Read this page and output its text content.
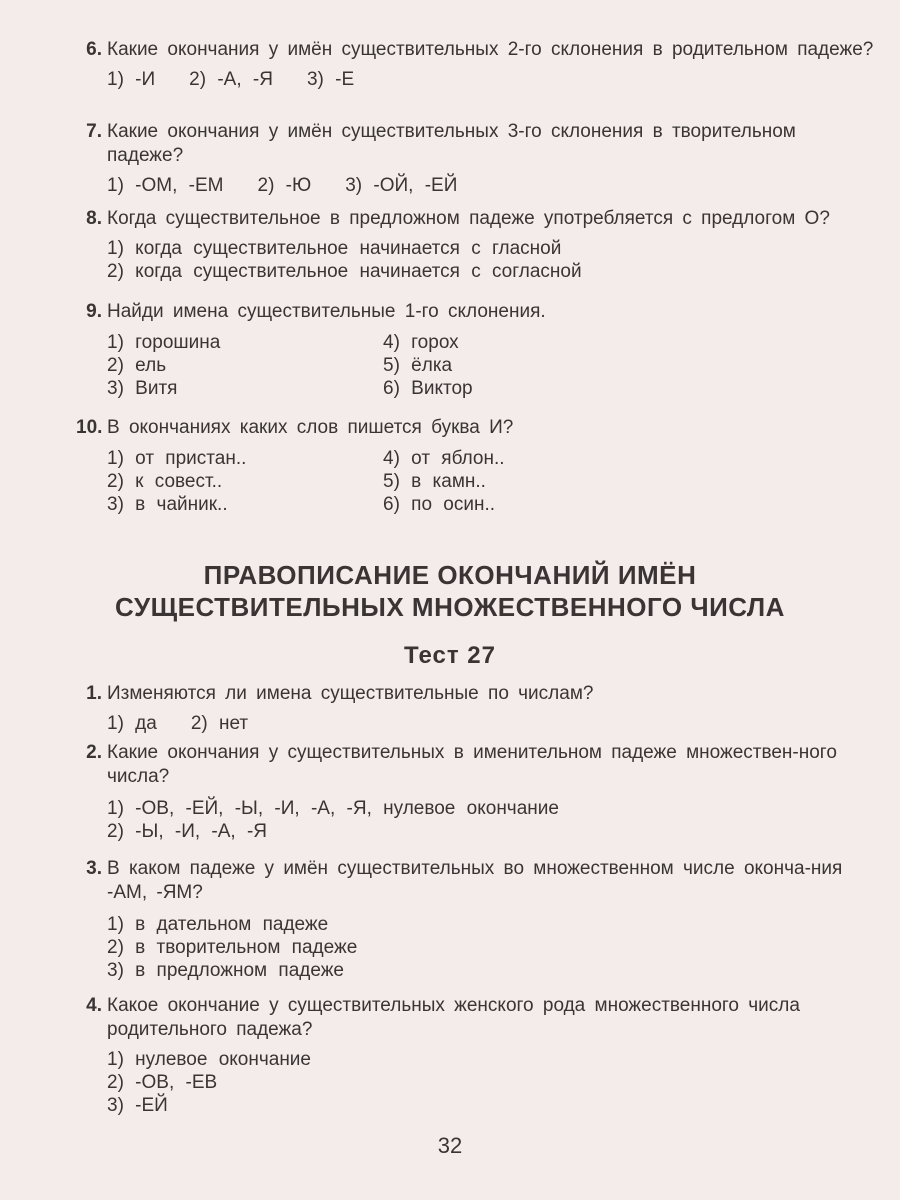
6. Какие окончания у имён существительных 2-го склонения в родительном падеже?
1) -И 2) -А, -Я 3) -Е
7. Какие окончания у имён существительных 3-го склонения в творительном падеже?
1) -ОМ, -ЕМ 2) -Ю 3) -ОЙ, -ЕЙ
8. Когда существительное в предложном падеже употребляется с предлогом О?
1) когда существительное начинается с гласной
2) когда существительное начинается с согласной
9. Найди имена существительные 1-го склонения.
1) горошина	4) горох
2) ель	5) ёлка
3) Витя	6) Виктор
10. В окончаниях каких слов пишется буква И?
1) от пристан..	4) от яблон..
2) к совест..	5) в камн..
3) в чайник..	6) по осин..
ПРАВОПИСАНИЕ ОКОНЧАНИЙ ИМЁН
СУЩЕСТВИТЕЛЬНЫХ МНОЖЕСТВЕННОГО ЧИСЛА
Тест 27
1. Изменяются ли имена существительные по числам?
1) да 2) нет
2. Какие окончания у существительных в именительном падеже множествен-ного числа?
1) -ОВ, -ЕЙ, -Ы, -И, -А, -Я, нулевое окончание
2) -Ы, -И, -А, -Я
3. В каком падеже у имён существительных во множественном числе оконча-ния -АМ, -ЯМ?
1) в дательном падеже
2) в творительном падеже
3) в предложном падеже
4. Какое окончание у существительных женского рода множественного числа родительного падежа?
1) нулевое окончание
2) -ОВ, -ЕВ
3) -ЕЙ
32
